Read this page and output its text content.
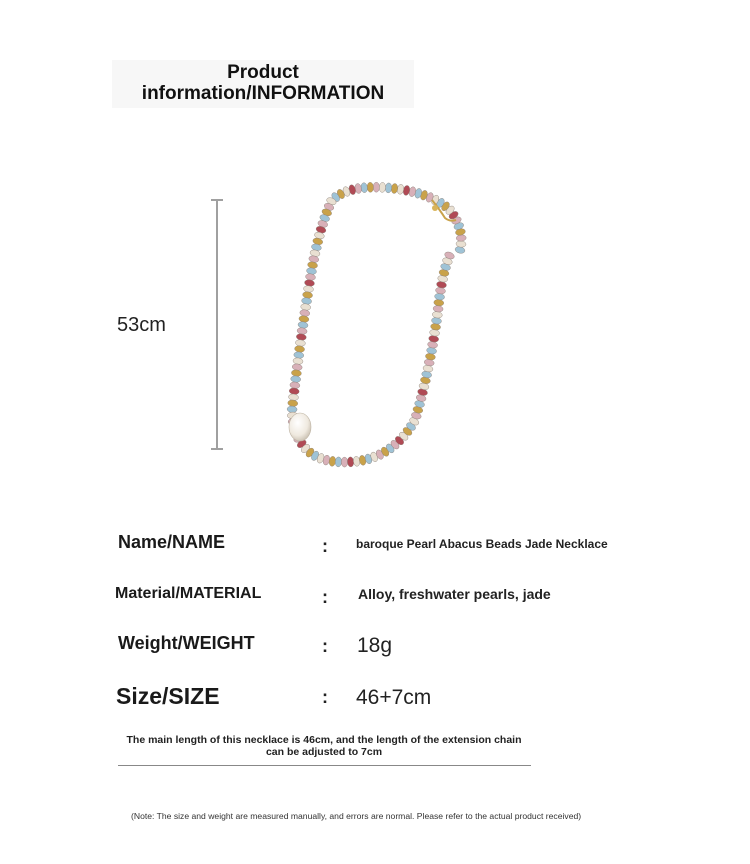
Product
information/INFORMATION
53cm
Name/NAME	: baroque Pearl Abacus Beads Jade Necklace
Material/MATERIAL	: Alloy, freshwater pearls, jade
Weight/WEIGHT	: 18g
Size/SIZE	: 46+7cm
The main length of this necklace is 46cm, and the length of the extension chain
can be adjusted to 7cm
(Note: The size and weight are measured manually, and errors are normal. Please refer to the actual product received)
